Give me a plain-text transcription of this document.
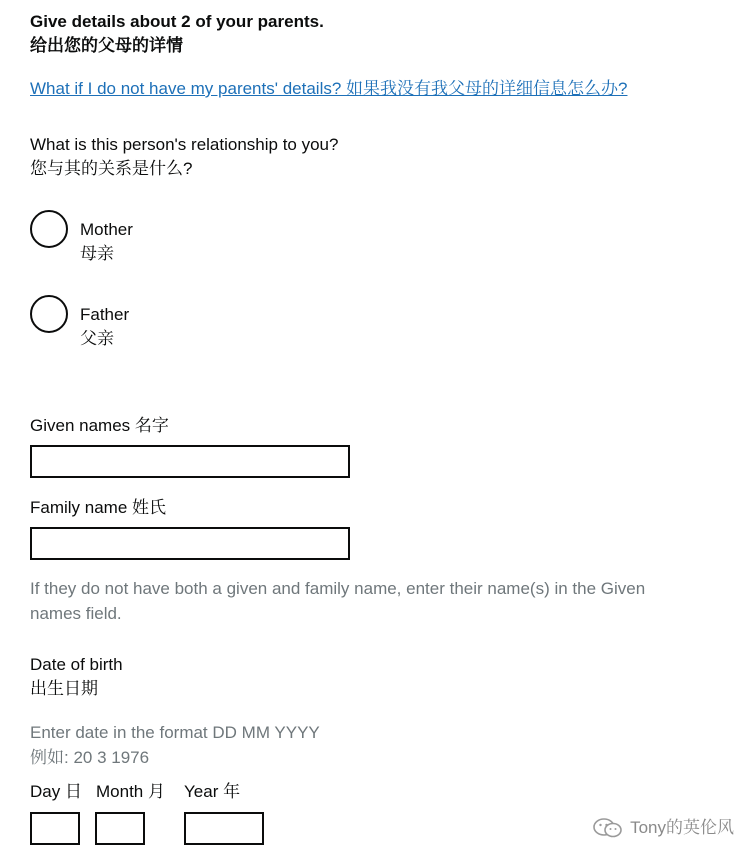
Give details about 2 of your parents.
给出您的父母的详情
What if I do not have my parents' details? 如果我没有我父母的详细信息怎么办?
What is this person's relationship to you?
您与其的关系是什么?
Mother
母亲
Father
父亲
Given names 名字
Family name 姓氏
If they do not have both a given and family name, enter their name(s) in the Given names field.
Date of birth
出生日期
Enter date in the format DD MM YYYY
例如: 20 3 1976
Day 日 Month 月 Year 年
Tony的英伦风
